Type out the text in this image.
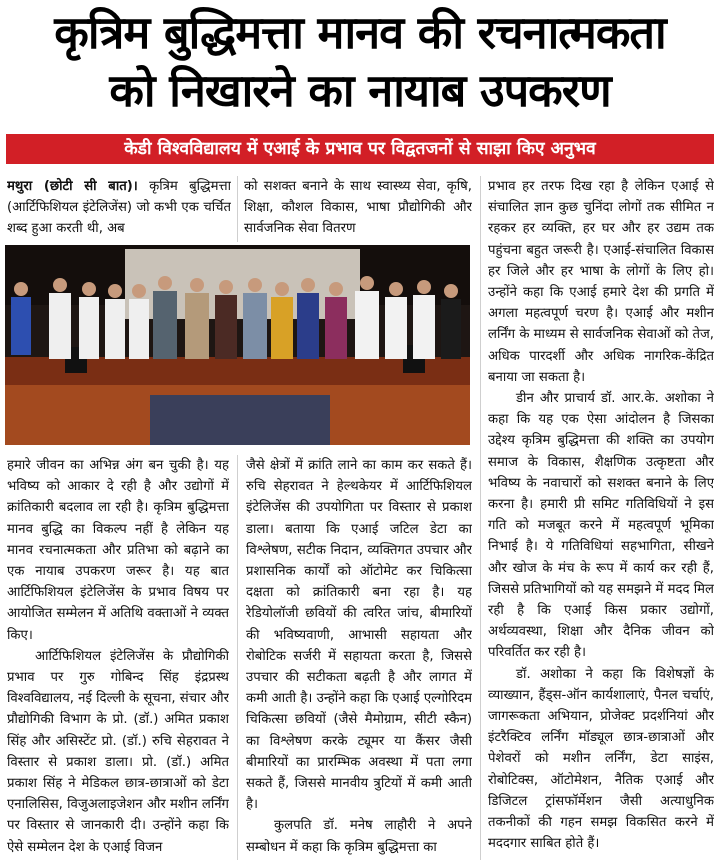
कृत्रिम बुद्धिमत्ता मानव की रचनात्मकता
को निखारने का नायाब उपकरण
केडी विश्वविद्यालय में एआई के प्रभाव पर विद्वतजनों से साझा किए अनुभव

मथुरा (छोटी सी बात)। कृत्रिम बुद्धिमत्ता (आर्टिफिशियल इंटेलिजेंस) जो कभी एक चर्चित शब्द हुआ करती थी, अब

को सशक्त बनाने के साथ स्वास्थ्य सेवा, कृषि, शिक्षा, कौशल विकास, भाषा प्रौद्योगिकी और सार्वजनिक सेवा वितरण

हमारे जीवन का अभिन्न अंग बन चुकी है। यह भविष्य को आकार दे रही है और उद्योगों में क्रांतिकारी बदलाव ला रही है। कृत्रिम बुद्धिमत्ता मानव बुद्धि का विकल्प नहीं है लेकिन यह मानव रचनात्मकता और प्रतिभा को बढ़ाने का एक नायाब उपकरण जरूर है। यह बात आर्टिफिशियल इंटेलिजेंस के प्रभाव विषय पर आयोजित सम्मेलन में अतिथि वक्ताओं ने व्यक्त किए।

आर्टिफिशियल इंटेलिजेंस के प्रौद्योगिकी प्रभाव पर गुरु गोबिन्द सिंह इंद्रप्रस्थ विश्वविद्यालय, नई दिल्ली के सूचना, संचार और प्रौद्योगिकी विभाग के प्रो. (डॉ.) अमित प्रकाश सिंह और असिस्टेंट प्रो. (डॉ.) रुचि सेहरावत ने विस्तार से प्रकाश डाला। प्रो. (डॉ.) अमित प्रकाश सिंह ने मेडिकल छात्र-छात्राओं को डेटा एनालिसिस, विजुअलाइजेशन और मशीन लर्निंग पर विस्तार से जानकारी दी। उन्होंने कहा कि ऐसे सम्मेलन देश के एआई विजन

जैसे क्षेत्रों में क्रांति लाने का काम कर सकते हैं। रुचि सेहरावत ने हेल्थकेयर में आर्टिफिशियल इंटेलिजेंस की उपयोगिता पर विस्तार से प्रकाश डाला। बताया कि एआई जटिल डेटा का विश्लेषण, सटीक निदान, व्यक्तिगत उपचार और प्रशासनिक कार्यों को ऑटोमेट कर चिकित्सा दक्षता को क्रांतिकारी बना रहा है। यह रेडियोलॉजी छवियों की त्वरित जांच, बीमारियों की भविष्यवाणी, आभासी सहायता और रोबोटिक सर्जरी में सहायता करता है, जिससे उपचार की सटीकता बढ़ती है और लागत में कमी आती है। उन्होंने कहा कि एआई एल्गोरिदम चिकित्सा छवियों (जैसे मैमोग्राम, सीटी स्कैन) का विश्लेषण करके ट्यूमर या कैंसर जैसी बीमारियों का प्रारम्भिक अवस्था में पता लगा सकते हैं, जिससे मानवीय त्रुटियों में कमी आती है।

कुलपति डॉ. मनेष लाहौरी ने अपने सम्बोधन में कहा कि कृत्रिम बुद्धिमत्ता का

प्रभाव हर तरफ दिख रहा है लेकिन एआई से संचालित ज्ञान कुछ चुनिंदा लोगों तक सीमित न रहकर हर व्यक्ति, हर घर और हर उद्यम तक पहुंचना बहुत जरूरी है। एआई-संचालित विकास हर जिले और हर भाषा के लोगों के लिए हो। उन्होंने कहा कि एआई हमारे देश की प्रगति में अगला महत्वपूर्ण चरण है। एआई और मशीन लर्निंग के माध्यम से सार्वजनिक सेवाओं को तेज, अधिक पारदर्शी और अधिक नागरिक-केंद्रित बनाया जा सकता है।

डीन और प्राचार्य डॉ. आर.के. अशोका ने कहा कि यह एक ऐसा आंदोलन है जिसका उद्देश्य कृत्रिम बुद्धिमत्ता की शक्ति का उपयोग समाज के विकास, शैक्षणिक उत्कृष्टता और भविष्य के नवाचारों को सशक्त बनाने के लिए करना है। हमारी प्री समिट गतिविधियों ने इस गति को मजबूत करने में महत्वपूर्ण भूमिका निभाई है। ये गतिविधियां सहभागिता, सीखने और खोज के मंच के रूप में कार्य कर रही हैं, जिससे प्रतिभागियों को यह समझने में मदद मिल रही है कि एआई किस प्रकार उद्योगों, अर्थव्यवस्था, शिक्षा और दैनिक जीवन को परिवर्तित कर रही है।

डॉ. अशोका ने कहा कि विशेषज्ञों के व्याख्यान, हैंड्स-ऑन कार्यशालाएं, पैनल चर्चाएं, जागरूकता अभियान, प्रोजेक्ट प्रदर्शनियां और इंटरैक्टिव लर्निंग मॉड्यूल छात्र-छात्राओं और पेशेवरों को मशीन लर्निंग, डेटा साइंस, रोबोटिक्स, ऑटोमेशन, नैतिक एआई और डिजिटल ट्रांसफॉर्मेशन जैसी अत्याधुनिक तकनीकों की गहन समझ विकसित करने में मददगार साबित होते हैं।
